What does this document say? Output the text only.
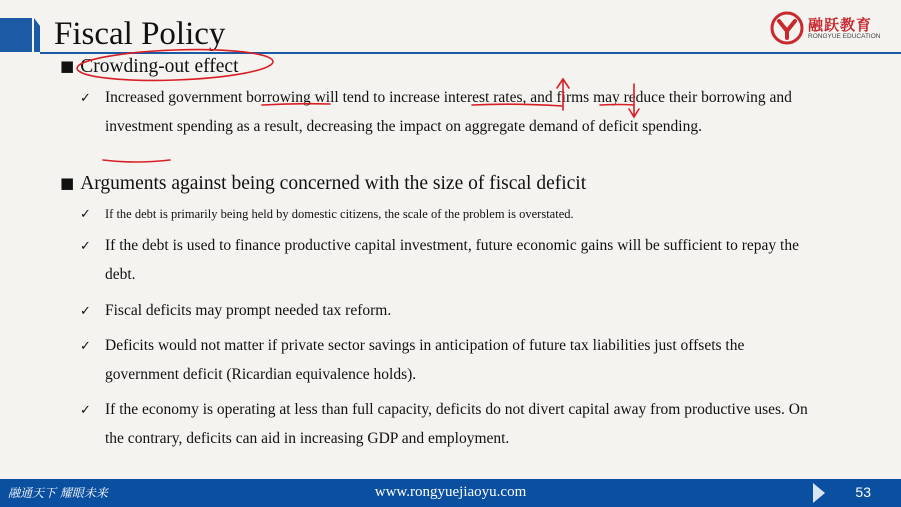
Fiscal Policy	融跃教育
RONGYUE EDUCATION
■ Crowding-out effect
✓ Increased government borrowing will tend to increase interest rates, and firms may reduce their borrowing and investment spending as a result, decreasing the impact on aggregate demand of deficit spending.
■ Arguments against being concerned with the size of fiscal deficit
✓ If the debt is primarily being held by domestic citizens, the scale of the problem is overstated.
✓ If the debt is used to finance productive capital investment, future economic gains will be sufficient to repay the debt.
✓ Fiscal deficits may prompt needed tax reform.
✓ Deficits would not matter if private sector savings in anticipation of future tax liabilities just offsets the government deficit (Ricardian equivalence holds).
✓ If the economy is operating at less than full capacity, deficits do not divert capital away from productive uses. On the contrary, deficits can aid in increasing GDP and employment.
融通天下 耀眼未来	www.rongyuejiaoyu.com	53
